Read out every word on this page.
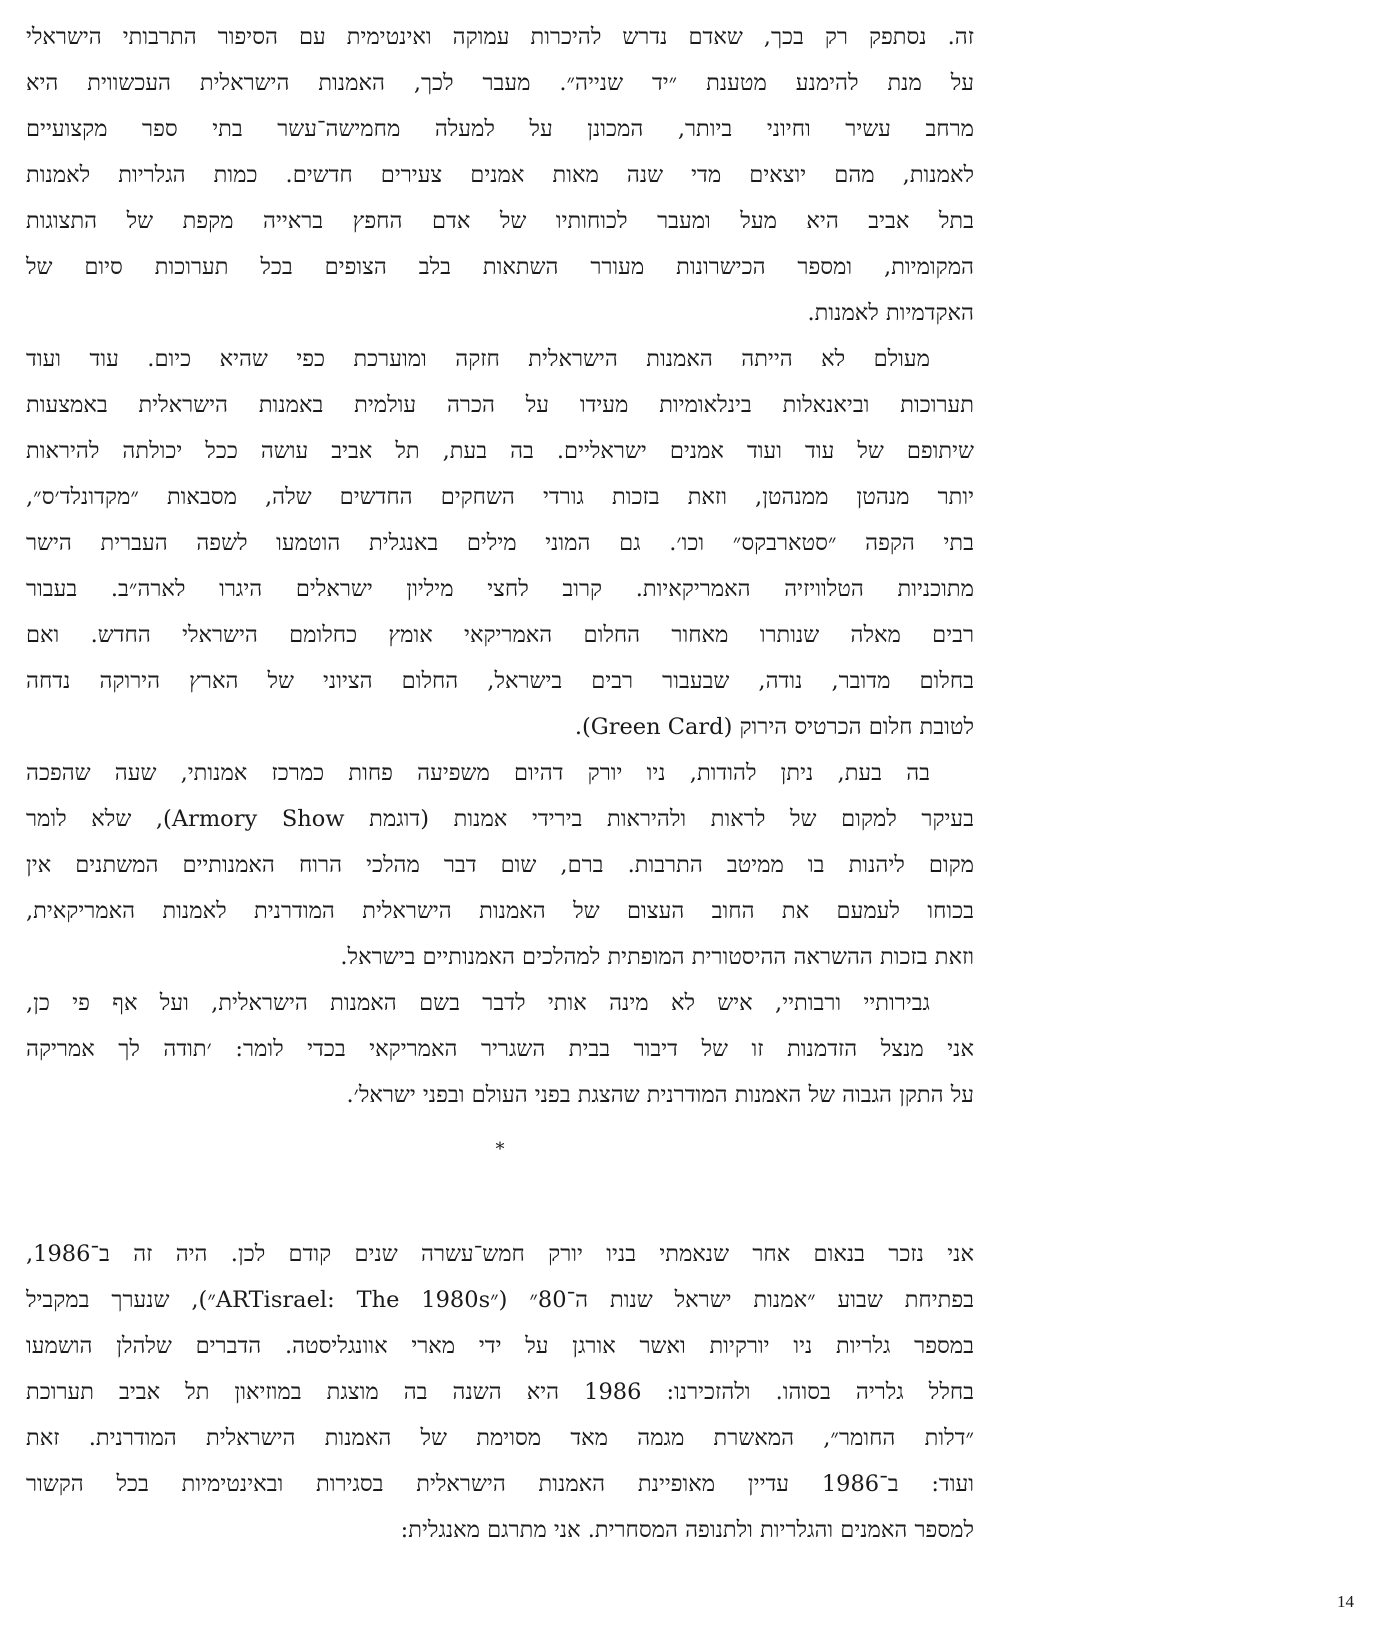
זה. נסתפק רק בכך, שאדם נדרש להיכרות עמוקה ואינטימית עם הסיפור התרבותי הישראלי
על מנת להימנע מטענת ״יד שנייה״. מעבר לכך, האמנות הישראלית העכשווית היא
מרחב עשיר וחיוני ביותר, המכונן על למעלה מחמישה־עשר בתי ספר מקצועיים
לאמנות, מהם יוצאים מדי שנה מאות אמנים צעירים חדשים. כמות הגלריות לאמנות
בתל אביב היא מעל ומעבר לכוחותיו של אדם החפץ בראייה מקפת של התצוגות
המקומיות, ומספר הכישרונות מעורר השתאות בלב הצופים בכל תערוכות סיום של
האקדמיות לאמנות.
מעולם לא הייתה האמנות הישראלית חזקה ומוערכת כפי שהיא כיום. עוד ועוד
תערוכות וביאנאלות בינלאומיות מעידו על הכרה עולמית באמנות הישראלית באמצעות
שיתופם של עוד ועוד אמנים ישראליים. בה בעת, תל אביב עושה ככל יכולתה להיראות
יותר מנהטן ממנהטן, וזאת בזכות גורדי השחקים החדשים שלה, מסבאות ״מקדונלד׳ס״,
בתי הקפה ״סטארבקס״ וכו׳. גם המוני מילים באנגלית הוטמעו לשפה העברית הישר
מתוכניות הטלוויזיה האמריקאיות. קרוב לחצי מיליון ישראלים היגרו לארה״ב. בעבור
רבים מאלה שנותרו מאחור החלום האמריקאי אומץ כחלומם הישראלי החדש. ואם
בחלום מדובר, נודה, שבעבור רבים בישראל, החלום הציוני של הארץ הירוקה נדחה
לטובת חלום הכרטיס הירוק (Green Card).
בה בעת, ניתן להודות, ניו יורק דהיום משפיעה פחות כמרכז אמנותי, שעה שהפכה
בעיקר למקום של לראות ולהיראות בירידי אמנות (דוגמת Armory Show), שלא לומר
מקום ליהנות בו ממיטב התרבות. ברם, שום דבר מהלכי הרוח האמנותיים המשתנים אין
בכוחו לעמעם את החוב העצום של האמנות הישראלית המודרנית לאמנות האמריקאית,
וזאת בזכות ההשראה ההיסטורית המופתית למהלכים האמנותיים בישראל.
גבירותיי ורבותיי, איש לא מינה אותי לדבר בשם האמנות הישראלית, ועל אף פי כן,
אני מנצל הזדמנות זו של דיבור בבית השגריר האמריקאי בכדי לומר: ׳תודה לך אמריקה
על התקן הגבוה של האמנות המודרנית שהצגת בפני העולם ובפני ישראל׳.
*
אני נזכר בנאום אחר שנאמתי בניו יורק חמש־עשרה שנים קודם לכן. היה זה ב־1986,
בפתיחת שבוע ״אמנות ישראל שנות ה־80״ (״ARTisrael: The 1980s״), שנערך במקביל
במספר גלריות ניו יורקיות ואשר אורגן על ידי מארי אוונגליסטה. הדברים שלהלן הושמעו
בחלל גלריה בסוהו. ולהזכירנו: 1986 היא השנה בה מוצגת במוזיאון תל אביב תערוכת
״דלות החומר״, המאשרת מגמה מאד מסוימת של האמנות הישראלית המודרנית. זאת
ועוד: ב־1986 עדיין מאופיינת האמנות הישראלית בסגירות ובאינטימיות בכל הקשור
למספר האמנים והגלריות ולתנופה המסחרית. אני מתרגם מאנגלית:
14
